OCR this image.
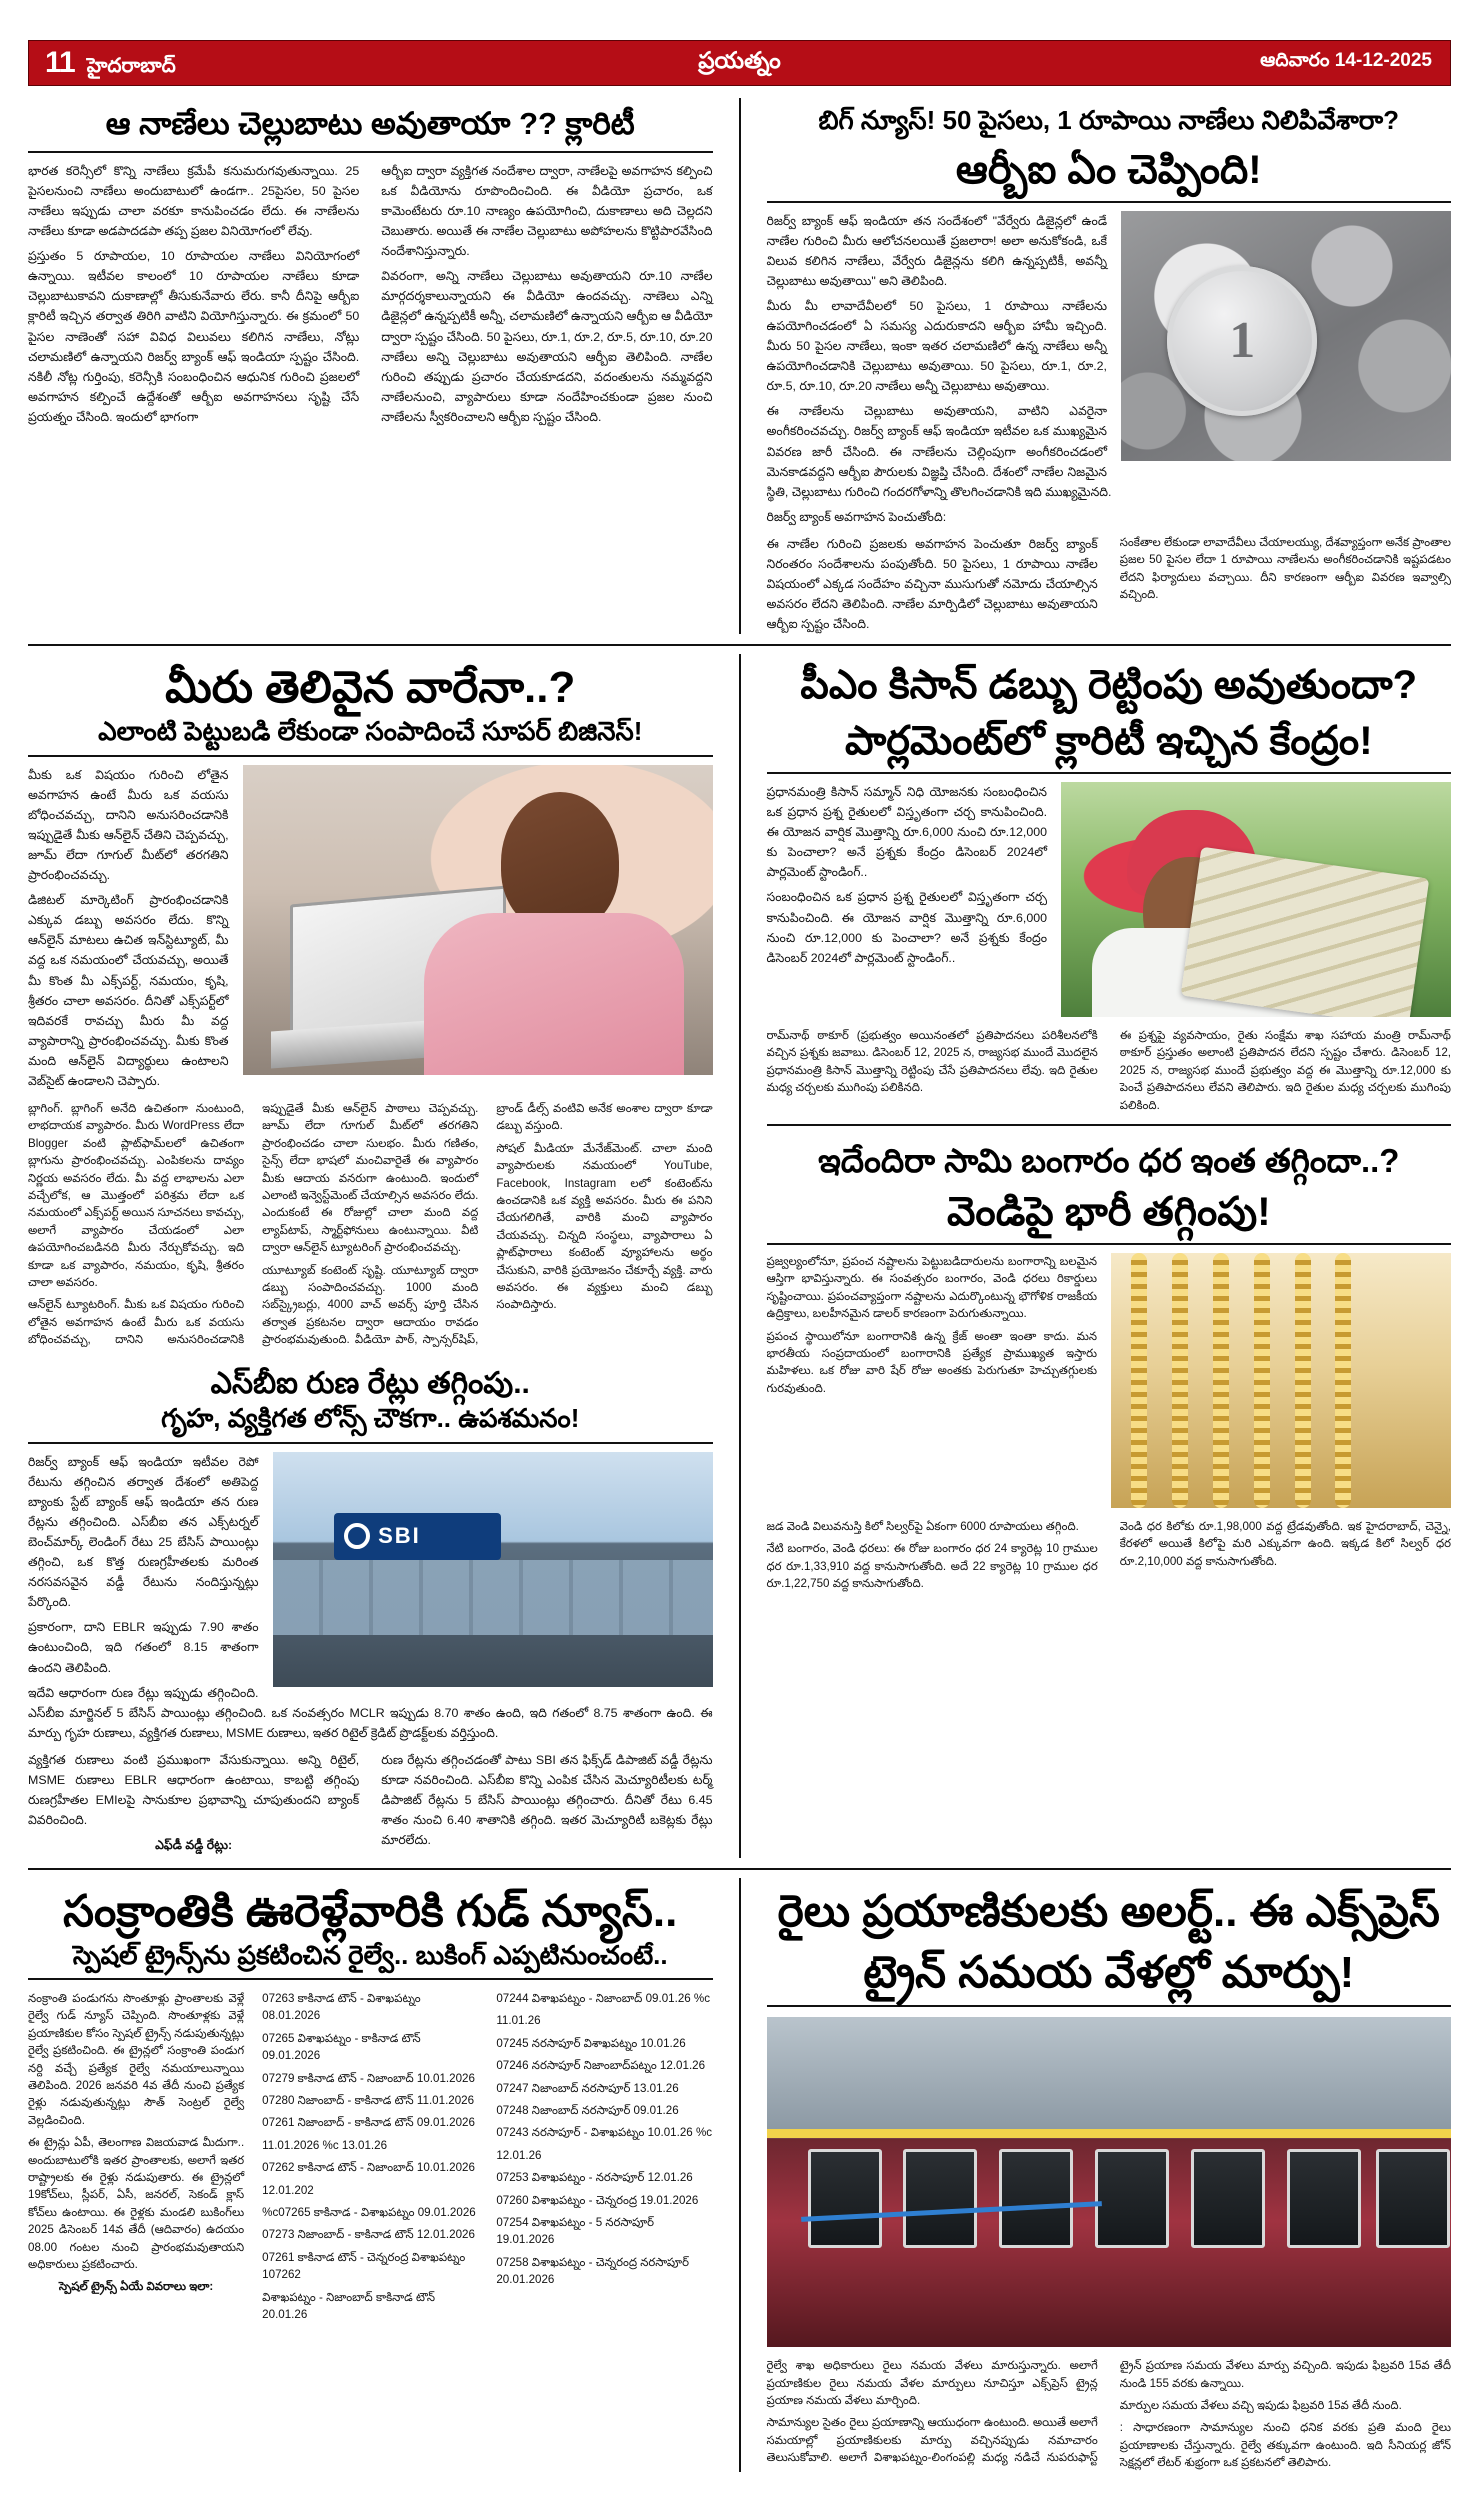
11 హైదరాబాద్	ప్రయత్నం	ఆదివారం 14-12-2025
ఆ నాణేలు చెల్లుబాటు అవుతాయా ?? క్లారిటీ

భారత కరెన్సీలో కొన్ని నాణేలు క్రమేపీ కనుమరుగవుతున్నాయి. 25 పైసలనుంచి నాణేలు అందుబాటులో ఉండగా.. 25పైసల, 50 పైసల నాణేలు ఇప్పుడు చాలా వరకూ కానుపించడం లేదు. ఈ నాణేలను నాణేలు కూడా అడపాదడపా తప్ప ప్రజల వినియోగంలో లేవు.

ప్రస్తుతం 5 రూపాయల, 10 రూపాయల నాణేలు వినియోగంలో ఉన్నాయి. ఇటీవల కాలంలో 10 రూపాయల నాణేలు కూడా చెల్లుబాటుకావని దుకాణాల్లో తీసుకునేవారు లేరు. కానీ దీనిపై ఆర్బీఐ క్లారిటీ ఇచ్చిన తర్వాత తిరిగి వాటిని వియోగిస్తున్నారు. ఈ క్రమంలో 50 పైసల నాణెంతో సహా వివిధ విలువలు కలిగిన నాణేలు, నోట్లు చలామణిలో ఉన్నాయని రిజర్వ్ బ్యాంక్ ఆఫ్ ఇండియా స్పష్టం చేసింది. నకిలీ నోట్ల గుర్తింపు, కరెన్సీకి సంబంధించిన ఆధునిక గురించి ప్రజలలో అవగాహన కల్పించే ఉద్దేశంతో ఆర్బీఐ అవగాహనలు సృష్టి చేసే ప్రయత్నం చేసింది. ఇందులో భాగంగా

ఆర్బీఐ ద్వారా వ్యక్తిగత నందేశాల ద్వారా, నాణేలపై అవగాహన కల్పించి ఒక వీడియోను రూపొందించింది. ఈ వీడియో ప్రచారం, ఒక కామెంటేటరు రూ.10 నాణ్యం ఉపయోగించి, దుకాణాలు అది చెల్లదని చెబుతారు. అయితే ఈ నాణేల చెల్లుబాటు అపోహలను కొట్టిపారవేసింది నందేశానిస్తున్నారు.

వివరంగా, అన్ని నాణేలు చెల్లుబాటు అవుతాయని రూ.10 నాణేల మార్గదర్శకాలున్నాయని ఈ వీడియో ఉందవచ్చు. నాణెలు ఎన్ని డిజైన్లలో ఉన్నప్పటికీ అన్నీ, చలామణిలో ఉన్నాయని ఆర్బీఐ ఆ వీడియో ద్వారా స్పష్టం చేసింది. 50 పైసలు, రూ.1, రూ.2, రూ.5, రూ.10, రూ.20 నాణేలు అన్ని చెల్లుబాటు అవుతాయని ఆర్బీఐ తెలిపింది. నాణేల గురించి తప్పుడు ప్రచారం చేయకూడదని, వదంతులను నమ్మవద్దని నాణేలనుంచి, వ్యాపారులు కూడా నందేహించకుండా ప్రజల నుంచి నాణేలను స్వీకరించాలని ఆర్బీఐ స్పష్టం చేసింది.

బిగ్ న్యూస్! 50 పైసలు, 1 రూపాయి నాణేలు నిలిపివేశారా?
ఆర్బీఐ ఏం చెప్పింది!
1

రిజర్వ్ బ్యాంక్ ఆఫ్ ఇండియా తన సందేశంలో "వేర్వేరు డిజైన్లలో ఉండే నాణేల గురించి మీరు ఆలోచనలయితే ప్రజలారా! అలా అనుకోకండి, ఒకే విలువ కలిగిన నాణేలు, వేర్వేరు డిజైన్లను కలిగి ఉన్నప్పటికీ, అవన్నీ చెల్లుబాటు అవుతాయి" అని తెలిపింది.

మీరు మీ లావాదేవీలలో 50 పైసలు, 1 రూపాయి నాణేలను ఉపయోగించడంలో ఏ సమస్య ఎదురుకాదని ఆర్బీఐ హామీ ఇచ్చింది. మీరు 50 పైసల నాణేలు, ఇంకా ఇతర చలామణిలో ఉన్న నాణేలు అన్నీ ఉపయోగించడానికి చెల్లుబాటు అవుతాయి. 50 పైసలు, రూ.1, రూ.2, రూ.5, రూ.10, రూ.20 నాణేలు అన్నీ చెల్లుబాటు అవుతాయి.

ఈ నాణేలను చెల్లుబాటు అవుతాయని, వాటిని ఎవరైనా అంగీకరించవచ్చు. రిజర్వ్ బ్యాంక్ ఆఫ్ ఇండియా ఇటీవల ఒక ముఖ్యమైన వివరణ జారీ చేసింది. ఈ నాణేలను చెల్లింపుగా అంగీకరించడంలో మెనకాడవద్దని ఆర్బీఐ పౌరులకు విజ్ఞప్తి చేసింది. దేశంలో నాణేల నిజమైన స్థితి, చెల్లుబాటు గురించి గందరగోళాన్ని తొలగించడానికి ఇది ముఖ్యమైనది.

రిజర్వ్ బ్యాంక్ అవగాహన పెంచుతోంది:

ఈ నాణేల గురించి ప్రజలకు అవగాహన పెంచుతూ రిజర్వ్ బ్యాంక్ నిరంతరం సందేశాలను పంపుతోంది. 50 పైసలు, 1 రూపాయి నాణేల విషయంలో ఎక్కడ సందేహం వచ్చినా ముసుగుతో నమోదు చేయాల్సిన అవసరం లేదని తెలిపింది. నాణేల మార్పిడిలో చెల్లుబాటు అవుతాయని ఆర్బీఐ స్పష్టం చేసింది.

సంకేతాల లేకుండా లావాదేవీలు చేయాలయ్యు, దేశవ్యాప్తంగా అనేక ప్రాంతాల ప్రజల 50 పైసల లేదా 1 రూపాయి నాణేలను అంగీకరించడానికి ఇష్టపడటం లేదని ఫిర్యాదులు వచ్చాయి. దీని కారణంగా ఆర్బీఐ వివరణ ఇవ్వాల్సి వచ్చింది.

మీరు తెలివైన వారేనా..?
ఎలాంటి పెట్టుబడి లేకుండా సంపాదించే సూపర్ బిజినెస్!

మీకు ఒక విషయం గురించి లోతైన అవగాహన ఉంటే మీరు ఒక వయసు బోధించవచ్చు, దానిని అనుసరించడానికి ఇప్పుడైతే మీకు ఆన్‌లైన్ చేతిని చెప్పవచ్చు, జూమ్ లేదా గూగుల్ మీట్‌లో తరగతిని ప్రారంభించవచ్చు.

డిజిటల్ మార్కెటింగ్ ప్రారంభించడానికి ఎక్కువ డబ్బు అవసరం లేదు. కొన్ని ఆన్‌లైన్ మాటలు ఉచిత ఇన్‌స్టిట్యూట్, మీ వద్ద ఒక నమయంలో చేయవచ్చు, అయితే మీ కొంత మీ ఎక్స్‌పర్ట్, నమయం, కృషి, శ్రీతరం చాలా అవసరం. దీనితో ఎక్స్‌పర్ట్‌లో ఇదివరకే రావచ్చు మీరు మీ వద్ద వ్యాపారాన్ని ప్రారంభించవచ్చు. మీకు కొంత మంది ఆన్‌లైన్ విద్యార్థులు ఉంటాలని వెబ్‌సైట్ ఉండాలని చెప్పారు.

బ్లాగింగ్. బ్లాగింగ్ అనేది ఉచితంగా నుంటుంది, లాభదాయక వ్యాపారం. మీరు WordPress లేదా Blogger వంటి ప్లాట్‌ఫామ్‌లలో ఉచితంగా బ్లాగును ప్రారంభించవచ్చు. ఎంపికలను దావ్యం నిర్ణయ అవసరం లేదు. మీ వద్ద లాభాలను ఎలా వచ్చేలోక, ఆ మొత్తంలో పరిశ్రమ లేదా ఒక నమయంలో ఎక్స్‌పర్ట్ అయిన సూచనలు కావచ్చు, అలాగే వ్యాపారం చేయడంలో ఎలా ఉపయోగించబడినది మీరు నేర్చుకోవచ్చు. ఇది కూడా ఒక వ్యాపారం, నమయం, కృషి, శ్రీతరం చాలా అవసరం.

ఆన్‌లైన్ ట్యూటరింగ్. మీకు ఒక విషయం గురించి లోతైన అవగాహన ఉంటే మీరు ఒక వయసు బోధించవచ్చు, దానిని అనుసరించడానికి ఇప్పుడైతే మీకు ఆన్‌లైన్ పాఠాలు చెప్పవచ్చు. జూమ్ లేదా గూగుల్ మీట్‌లో తరగతిని ప్రారంభించడం చాలా సులభం. మీరు గణితం, సైన్స్ లేదా భాషలో మంచివారైతే ఈ వ్యాపారం మీకు ఆదాయ వనరుగా ఉంటుంది. ఇందులో ఎలాంటి ఇన్వెస్ట్‌మెంట్ చేయాల్సిన అవసరం లేదు. ఎందుకంటే ఈ రోజుల్లో చాలా మంది వద్ద ల్యాప్‌టాప్, స్మార్ట్‌ఫోనులు ఉంటున్నాయి. వీటి ద్వారా ఆన్‌లైన్ ట్యూటరింగ్ ప్రారంభించవచ్చు.

యూట్యూబ్ కంటెంట్ సృష్టి. యూట్యూబ్ ద్వారా డబ్బు సంపాదించవచ్చు. 1000 మంది సబ్‌స్క్రైబర్లు, 4000 వాచ్ అవర్స్ పూర్తి చేసిన తర్వాత ప్రకటనల ద్వారా ఆదాయం రావడం ప్రారంభమవుతుంది. వీడియో పాఠ్, స్పాన్సర్‌షిప్, బ్రాండ్ డీల్స్ వంటివి అనేక అంశాల ద్వారా కూడా డబ్బు వస్తుంది.

సోషల్ మీడియా మేనేజ్‌మెంట్. చాలా మంది వ్యాపారులకు నమయంలో YouTube, Facebook, Instagram లలో కంటెంట్‌ను ఉంచడానికి ఒక వ్యక్తి అవసరం. మీరు ఈ పనిని చేయగలిగితే, వారికి మంచి వ్యాపారం చేయవచ్చు. చిన్నది సంస్థలు, వ్యాపారాలు ఏ ప్లాట్‌ఫారాలు కంటెంట్ వ్యూహాలను అర్థం చేసుకుని, వారికి ప్రయోజనం చేకూర్చే వ్యక్తి. వారు అవసరం. ఈ వ్యక్తులు మంచి డబ్బు సంపాదిస్తారు.

ఎస్‌బీఐ రుణ రేట్లు తగ్గింపు..
గృహ, వ్యక్తిగత లోన్స్ చౌకగా.. ఉపశమనం!
SBI

రిజర్వ్ బ్యాంక్ ఆఫ్ ఇండియా ఇటీవల రెపో రేటును తగ్గించిన తర్వాత దేశంలో అతిపెద్ద బ్యాంకు స్టేట్ బ్యాంక్ ఆఫ్ ఇండియా తన రుణ రేట్లను తగ్గించింది. ఎస్‌బీఐ తన ఎక్స్‌టర్నల్ బెంచ్‌మార్క్ లెండింగ్ రేటు 25 బేసిస్ పాయింట్లు తగ్గించి, ఒక కొత్త రుణగ్రహీతలకు మరింత నరసవసవైన వడ్డీ రేటును నందిస్తున్నట్లు పేర్కొంది.

ప్రకారంగా, దాని EBLR ఇప్పుడు 7.90 శాతం ఉంటుంచింది, ఇది గతంలో 8.15 శాతంగా ఉందని తెలిపింది.

ఇదేవి ఆధారంగా రుణ రేట్లు ఇప్పుడు తగ్గించింది. ఎస్‌బీఐ మార్జినల్ 5 బేసిస్ పాయింట్లు తగ్గించింది. ఒక నంవత్సరం MCLR ఇప్పుడు 8.70 శాతం ఉంది, ఇది గతంలో 8.75 శాతంగా ఉంది. ఈ మార్పు గృహ రుణాలు, వ్యక్తిగత రుణాలు, MSME రుణాలు, ఇతర రిటైల్ క్రెడిట్ ప్రొడక్ట్‌లకు వర్తిస్తుంది.

వ్యక్తిగత రుణాలు వంటి ప్రముఖంగా వేసుకున్నాయి. అన్ని రిటైల్, MSME రుణాలు EBLR ఆధారంగా ఉంటాయి, కాబట్టి తగ్గింపు రుణగ్రహీతల EMIలపై సానుకూల ప్రభావాన్ని చూపుతుందని బ్యాంక్ వివరించింది.

ఎఫ్‌డీ వడ్డీ రేట్లు:

రుణ రేట్లను తగ్గించడంతో పాటు SBI తన ఫిక్స్‌డ్ డిపాజిట్ వడ్డీ రేట్లను కూడా నవరించింది. ఎస్‌బీఐ కొన్ని ఎంపిక చేసిన మెచ్యూరిటీలకు టర్మ్ డిపాజిట్ రేట్లను 5 బేసిస్ పాయింట్లు తగ్గించారు. దీనితో రేటు 6.45 శాతం నుంచి 6.40 శాతానికి తగ్గింది. ఇతర మెచ్యూరిటీ బకెట్లకు రేట్లు మారలేదు.

పీఎం కిసాన్ డబ్బు రెట్టింపు అవుతుందా?
పార్లమెంట్‌లో క్లారిటీ ఇచ్చిన కేంద్రం!

ప్రధానమంత్రి కిసాన్ సమ్మాన్ నిధి యోజనకు సంబంధించిన ఒక ప్రధాన ప్రశ్న రైతులలో విస్తృతంగా చర్చ కానుపించింది. ఈ యోజన వార్షిక మొత్తాన్ని రూ.6,000 నుంచి రూ.12,000 కు పెంచాలా? అనే ప్రశ్నకు కేంద్రం డిసెంబర్ 2024లో పార్లమెంట్ స్టాండింగ్..

సంబంధించిన ఒక ప్రధాన ప్రశ్న రైతులలో విస్తృతంగా చర్చ కానుపించింది. ఈ యోజన వార్షిక మొత్తాన్ని రూ.6,000 నుంచి రూ.12,000 కు పెంచాలా? అనే ప్రశ్నకు కేంద్రం డిసెంబర్ 2024లో పార్లమెంట్ స్టాండింగ్..

రామ్‌నాథ్ ఠాకూర్ (ప్రభుత్వం అయినంతలో ప్రతిపాదనలు పరిశీలనలోకి వచ్చిన ప్రశ్నకు జవాబు. డిసెంబర్ 12, 2025 న, రాజ్యసభ ముందే మొదలైన ప్రధానమంత్రి కిసాన్ మొత్తాన్ని రెట్టింపు చేసే ప్రతిపాదనలు లేవు. ఇది రైతుల మధ్య చర్చలకు ముగింపు పలికినది.

ఈ ప్రశ్నపై వ్యవసాయం, రైతు సంక్షేమ శాఖ సహాయ మంత్రి రామ్‌నాథ్ ఠాకూర్ ప్రస్తుతం అలాంటి ప్రతిపాదన లేదని స్పష్టం చేశారు. డిసెంబర్ 12, 2025 న, రాజ్యసభ ముందే ప్రభుత్వం వద్ద ఈ మొత్తాన్ని రూ.12,000 కు పెంచే ప్రతిపాదనలు లేవని తెలిపారు. ఇది రైతుల మధ్య చర్చలకు ముగింపు పలికింది.

ఇదేందిరా సామి బంగారం ధర ఇంత తగ్గిందా..?
వెండిపై భారీ తగ్గింపు!

ప్రజ్వల్యంలోనూ, ప్రపంచ నష్టాలను పెట్టుబడిదారులను బంగారాన్ని బలమైన ఆస్తిగా భావిస్తున్నారు. ఈ సంవత్సరం బంగారం, వెండి ధరలు రికార్డులు సృష్టించాయి. ప్రపంచవ్యాప్తంగా నష్టాలను ఎదుర్కొంటున్న భౌగోళిక రాజకీయ ఉద్రిక్తాలు, బలహీనమైన డాలర్ కారణంగా పెరుగుతున్నాయి.

ప్రపంచ స్థాయిలోనూ బంగారానికి ఉన్న క్రేజ్ అంతా ఇంతా కాదు. మన భారతీయ సంప్రదాయంలో బంగారానికి ప్రత్యేక ప్రాముఖ్యత ఇస్తారు మహిళలు. ఒక రోజు వారి షేర్ రోజు అంతకు పెరుగుతూ హెచ్చుతగ్గులకు గురవుతుంది.

జడ వెండి విలువనుస్తి కిలో సిల్వర్‌పై ఏకంగా 6000 రూపాయలు తగ్గింది.

నేటి బంగారం, వెండి ధరలు: ఈ రోజు బంగారం ధర 24 క్యారెట్ల 10 గ్రాముల ధర రూ.1,33,910 వద్ద కానుసాగుతోంది. అదే 22 క్యారెట్ల 10 గ్రాముల ధర రూ.1,22,750 వద్ద కానుసాగుతోంది.

వెండి ధర కిలోకు రూ.1,98,000 వద్ద ట్రేడవుతోంది. ఇక హైదరాబాద్, చెన్నై, కేరళలో అయితే కిలోపై మరి ఎక్కువగా ఉంది. ఇక్కడ కిలో సిల్వర్ ధర రూ.2,10,000 వద్ద కానుసాగుతోంది.

సంక్రాంతికి ఊరెళ్లేవారికి గుడ్ న్యూస్..
స్పెషల్ ట్రైన్స్‌ను ప్రకటించిన రైల్వే.. బుకింగ్ ఎప్పటినుంచంటే..

నంక్రాంతి పండుగను సొంతూళ్లు ప్రాంతాలకు వెళ్లే రైల్వే గుడ్ న్యూస్ చెప్పింది. సొంతూళ్లకు వెళ్లే ప్రయాణికుల కోసం స్పెషల్ ట్రైన్స్ నడుపుతున్నట్లు రైల్వే ప్రకటించింది. ఈ ట్రైన్లలో సంక్రాంతి పండుగ నర్ది వచ్చే ప్రత్యేక రైల్వే నమయాలున్నాయి తెలిపింది. 2026 జనవరి 4వ తేదీ నుంచి ప్రత్యేక రైళ్లు నడువుతున్నట్లు సౌత్ సెంట్రల్ రైల్వే వెల్లడించింది.

ఈ ట్రైన్లు ఏపీ, తెలంగాణ విజయవాడ మీదుగా.. అందుబాటులోకి ఇతర ప్రాంతాలకు, అలాగే ఇతర రాష్ట్రాలకు ఈ రైళ్లు నడుపుతారు. ఈ ట్రైన్లలో 19కోచ్‌లు, స్లీపర్, ఏసీ, జనరల్, సెకండ్ క్లాస్ కోచ్‌లు ఉంటాయి. ఈ రైళ్లకు మండలి బుకింగ్‌లు 2025 డిసెంబర్ 14వ తేదీ (ఆదివారం) ఉదయం 08.00 గంటల నుంచి ప్రారంభమవుతాయని అధికారులు ప్రకటించారు.

స్పెషల్ ట్రైన్స్ ఏయే వివరాలు ఇలా:

07263 కాకినాడ టౌన్ - విశాఖపట్నం 08.01.2026

07265 విశాఖపట్నం - కాకినాడ టౌన్ 09.01.2026

07279 కాకినాడ టౌన్ - నిజాంబాద్ 10.01.2026

07280 నిజాంబాద్ - కాకినాడ టౌన్ 11.01.2026

07261 నిజాంబాద్ - కాకినాడ టౌన్ 09.01.2026

11.01.2026 %c 13.01.26

07262 కాకినాడ టౌన్ - నిజాంబాద్ 10.01.2026

12.01.202

%c07265 కాకినాడ - విశాఖపట్నం 09.01.2026

07273 నిజాంబాద్ - కాకినాడ టౌన్ 12.01.2026

07261 కాకినాడ టౌన్ - చెన్నరంద్ర విశాఖపట్నం 107262

విశాఖపట్నం - నిజాంబాద్ కాకినాడ టౌన్ 20.01.26

07244 విశాఖపట్నం - నిజాంబాద్ 09.01.26 %c

11.01.26

07245 నరసాపూర్ విశాఖపట్నం 10.01.26

07246 నరసాపూర్ నిజాంబాద్‌పట్నం 12.01.26

07247 నిజాంబాద్ నరసాపూర్ 13.01.26

07248 నిజాంబాద్ నరసాపూర్ 09.01.26

07243 నరసాపూర్ - విశాఖపట్నం 10.01.26 %c

12.01.26

07253 విశాఖపట్నం - నరసాపూర్ 12.01.26

07260 విశాఖపట్నం - చెన్నరంద్ర 19.01.2026

07254 విశాఖపట్నం - 5 నరసాపూర్ 19.01.2026

07258 విశాఖపట్నం - చెన్నరంద్ర నరసాపూర్ 20.01.2026

రైలు ప్రయాణికులకు అలర్ట్.. ఈ ఎక్స్‌ప్రెస్
ట్రైన్ సమయ వేళల్లో మార్పు!

రైల్వే శాఖ అధికారులు రైలు నమయ వేళలు మారుస్తున్నారు. అలాగే ప్రయాణికుల రైలు నమయ వేళల మార్పులు నూచిస్తూ ఎక్స్‌ప్రెస్ ట్రైన్ల ప్రయాణ నమయ వేళలు మార్చింది.

సామాన్యుల సైతం రైలు ప్రయాణాన్ని ఆయుధంగా ఉంటుంది. అయితే అలాగే సమయాల్లో ప్రయాణికులకు మార్పు వచ్చినప్పుడు నమాచారం తెలుసుకోవాలి. అలాగే విశాఖపట్నం-లింగంపల్లి మధ్య నడిచే నుపరుఫాస్ట్ ట్రైన్ ప్రయాణ సమయ వేళలు మార్పు వచ్చింది. ఇపుడు ఫిబ్రవరి 15వ తేదీ నుండి 155 వరకు ఉన్నాయి.

మార్పుల సమయ వేళలు వచ్చి ఇపుడు ఫిబ్రవరి 15వ తేదీ నుంది.

: సాధారణంగా సామాన్యుల నుంచి ధనిక వరకు ప్రతి మంది రైలు ప్రయాణాలకు చేస్తున్నారు. రైల్వే తక్కువగా ఉంటుంది. ఇది సీనియర్ల జోన్ సెక్షన్లలో లేటర్ శుభ్రంగా ఒక ప్రకటనలో తెలిపారు.
